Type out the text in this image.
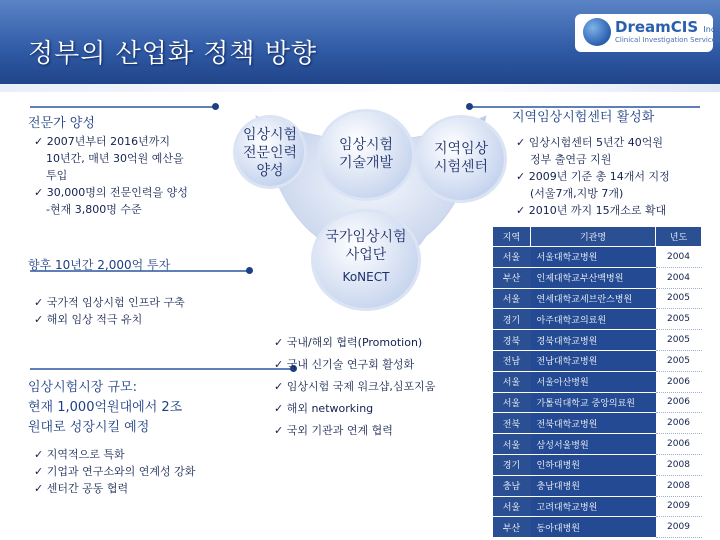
정부의 산업화 정책 방향
DreamCIS Inc.
Clinical Investigation Services
전문가 양성
✓ 2007년부터 2016년까지
10년간, 매년 30억원 예산을
투입
✓ 30,000명의 전문인력을 양성
-현재 3,800명 수준
향후 10년간 2,000억 투자
✓ 국가적 임상시험 인프라 구축
✓ 해외 임상 적극 유치
임상시험시장 규모:
현재 1,000억원대에서 2조
원대로 성장시킬 예정
✓ 지역적으로 특화
✓ 기업과 연구소와의 연계성 강화
✓ 센터간 공동 협력
임상시험
전문인력
양성
임상시험
기술개발
지역임상
시험센터
국가임상시험
사업단
KoNECT
지역임상시험센터 활성화
✓ 임상시험센터 5년간 40억원
정부 출연금 지원
✓ 2009년 기준 총 14개서 지정
(서울7개,지방 7개)
✓ 2010년 까지 15개소로 확대
✓ 국내/해외 협력(Promotion)
✓ 국내 신기술 연구회 활성화
✓ 임상시험 국제 워크샵,심포지움
✓ 해외 networking
✓ 국외 기관과 연계 협력
지역	기관명	년도
서울	서울대학교병원	2004
부산	인제대학교부산백병원	2004
서울	연세대학교세브란스병원	2005
경기	아주대학교의료원	2005
경북	경북대학교병원	2005
전남	전남대학교병원	2005
서울	서울아산병원	2006
서울	가톨릭대학교 중앙의료원	2006
전북	전북대학교병원	2006
서울	삼성서울병원	2006
경기	인하대병원	2008
충남	충남대병원	2008
서울	고려대학교병원	2009
부산	동아대병원	2009
